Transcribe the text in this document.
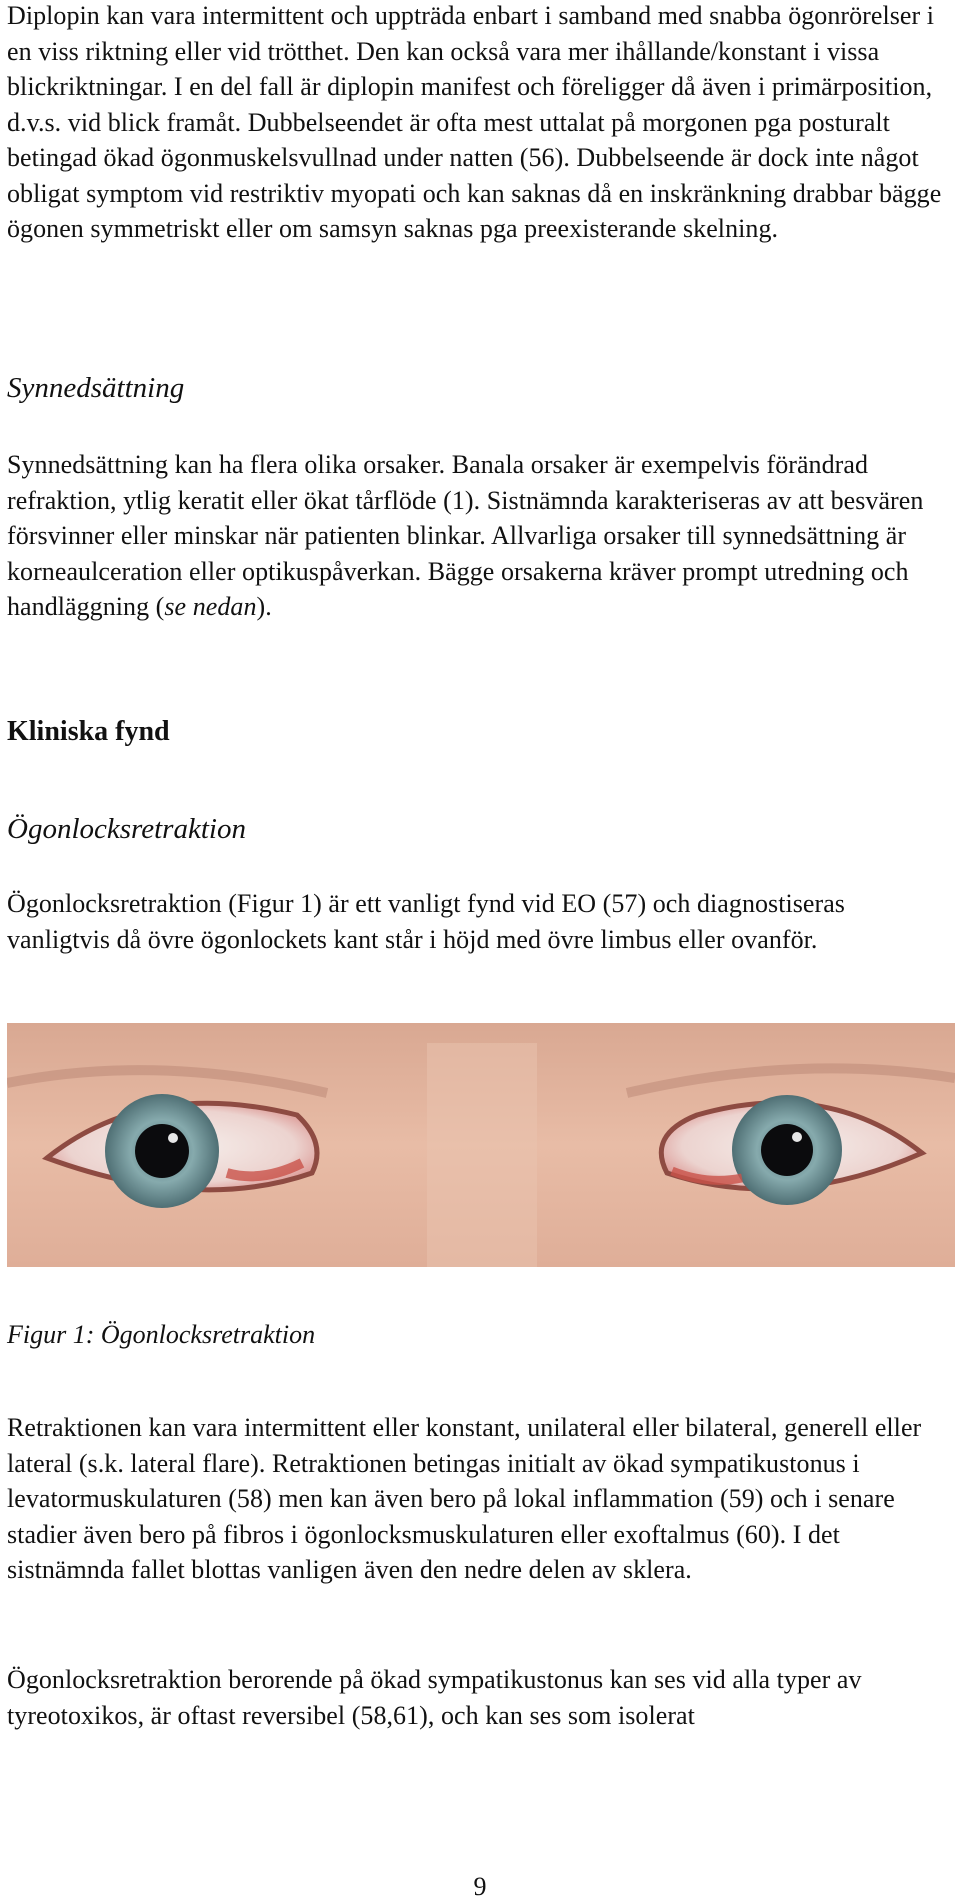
Diplopin kan vara intermittent och uppträda enbart i samband med snabba ögonrörelser i en viss riktning eller vid trötthet. Den kan också vara mer ihållande/konstant i vissa blickriktningar. I en del fall är diplopin manifest och föreligger då även i primärposition, d.v.s. vid blick framåt. Dubbelseendet är ofta mest uttalat på morgonen pga posturalt betingad ökad ögonmuskelsvullnad under natten (56). Dubbelseende är dock inte något obligat symptom vid restriktiv myopati och kan saknas då en inskränkning drabbar bägge ögonen symmetriskt eller om samsyn saknas pga preexisterande skelning.

Synnedsättning

Synnedsättning kan ha flera olika orsaker. Banala orsaker är exempelvis förändrad refraktion, ytlig keratit eller ökat tårflöde (1). Sistnämnda karakteriseras av att besvären försvinner eller minskar när patienten blinkar. Allvarliga orsaker till synnedsättning är korneaulceration eller optikuspåverkan. Bägge orsakerna kräver prompt utredning och handläggning (se nedan).

Kliniska fynd
Ögonlocksretraktion

Ögonlocksretraktion (Figur 1) är ett vanligt fynd vid EO (57) och diagnostiseras vanligtvis då övre ögonlockets kant står i höjd med övre limbus eller ovanför.

Figur 1: Ögonlocksretraktion

Retraktionen kan vara intermittent eller konstant, unilateral eller bilateral, generell eller lateral (s.k. lateral flare). Retraktionen betingas initialt av ökad sympatikustonus i levatormuskulaturen (58) men kan även bero på lokal inflammation (59) och i senare stadier även bero på fibros i ögonlocksmuskulaturen eller exoftalmus (60). I det sistnämnda fallet blottas vanligen även den nedre delen av sklera.

Ögonlocksretraktion berorende på ökad sympatikustonus kan ses vid alla typer av tyreotoxikos, är oftast reversibel (58,61), och kan ses som isolerat

9
